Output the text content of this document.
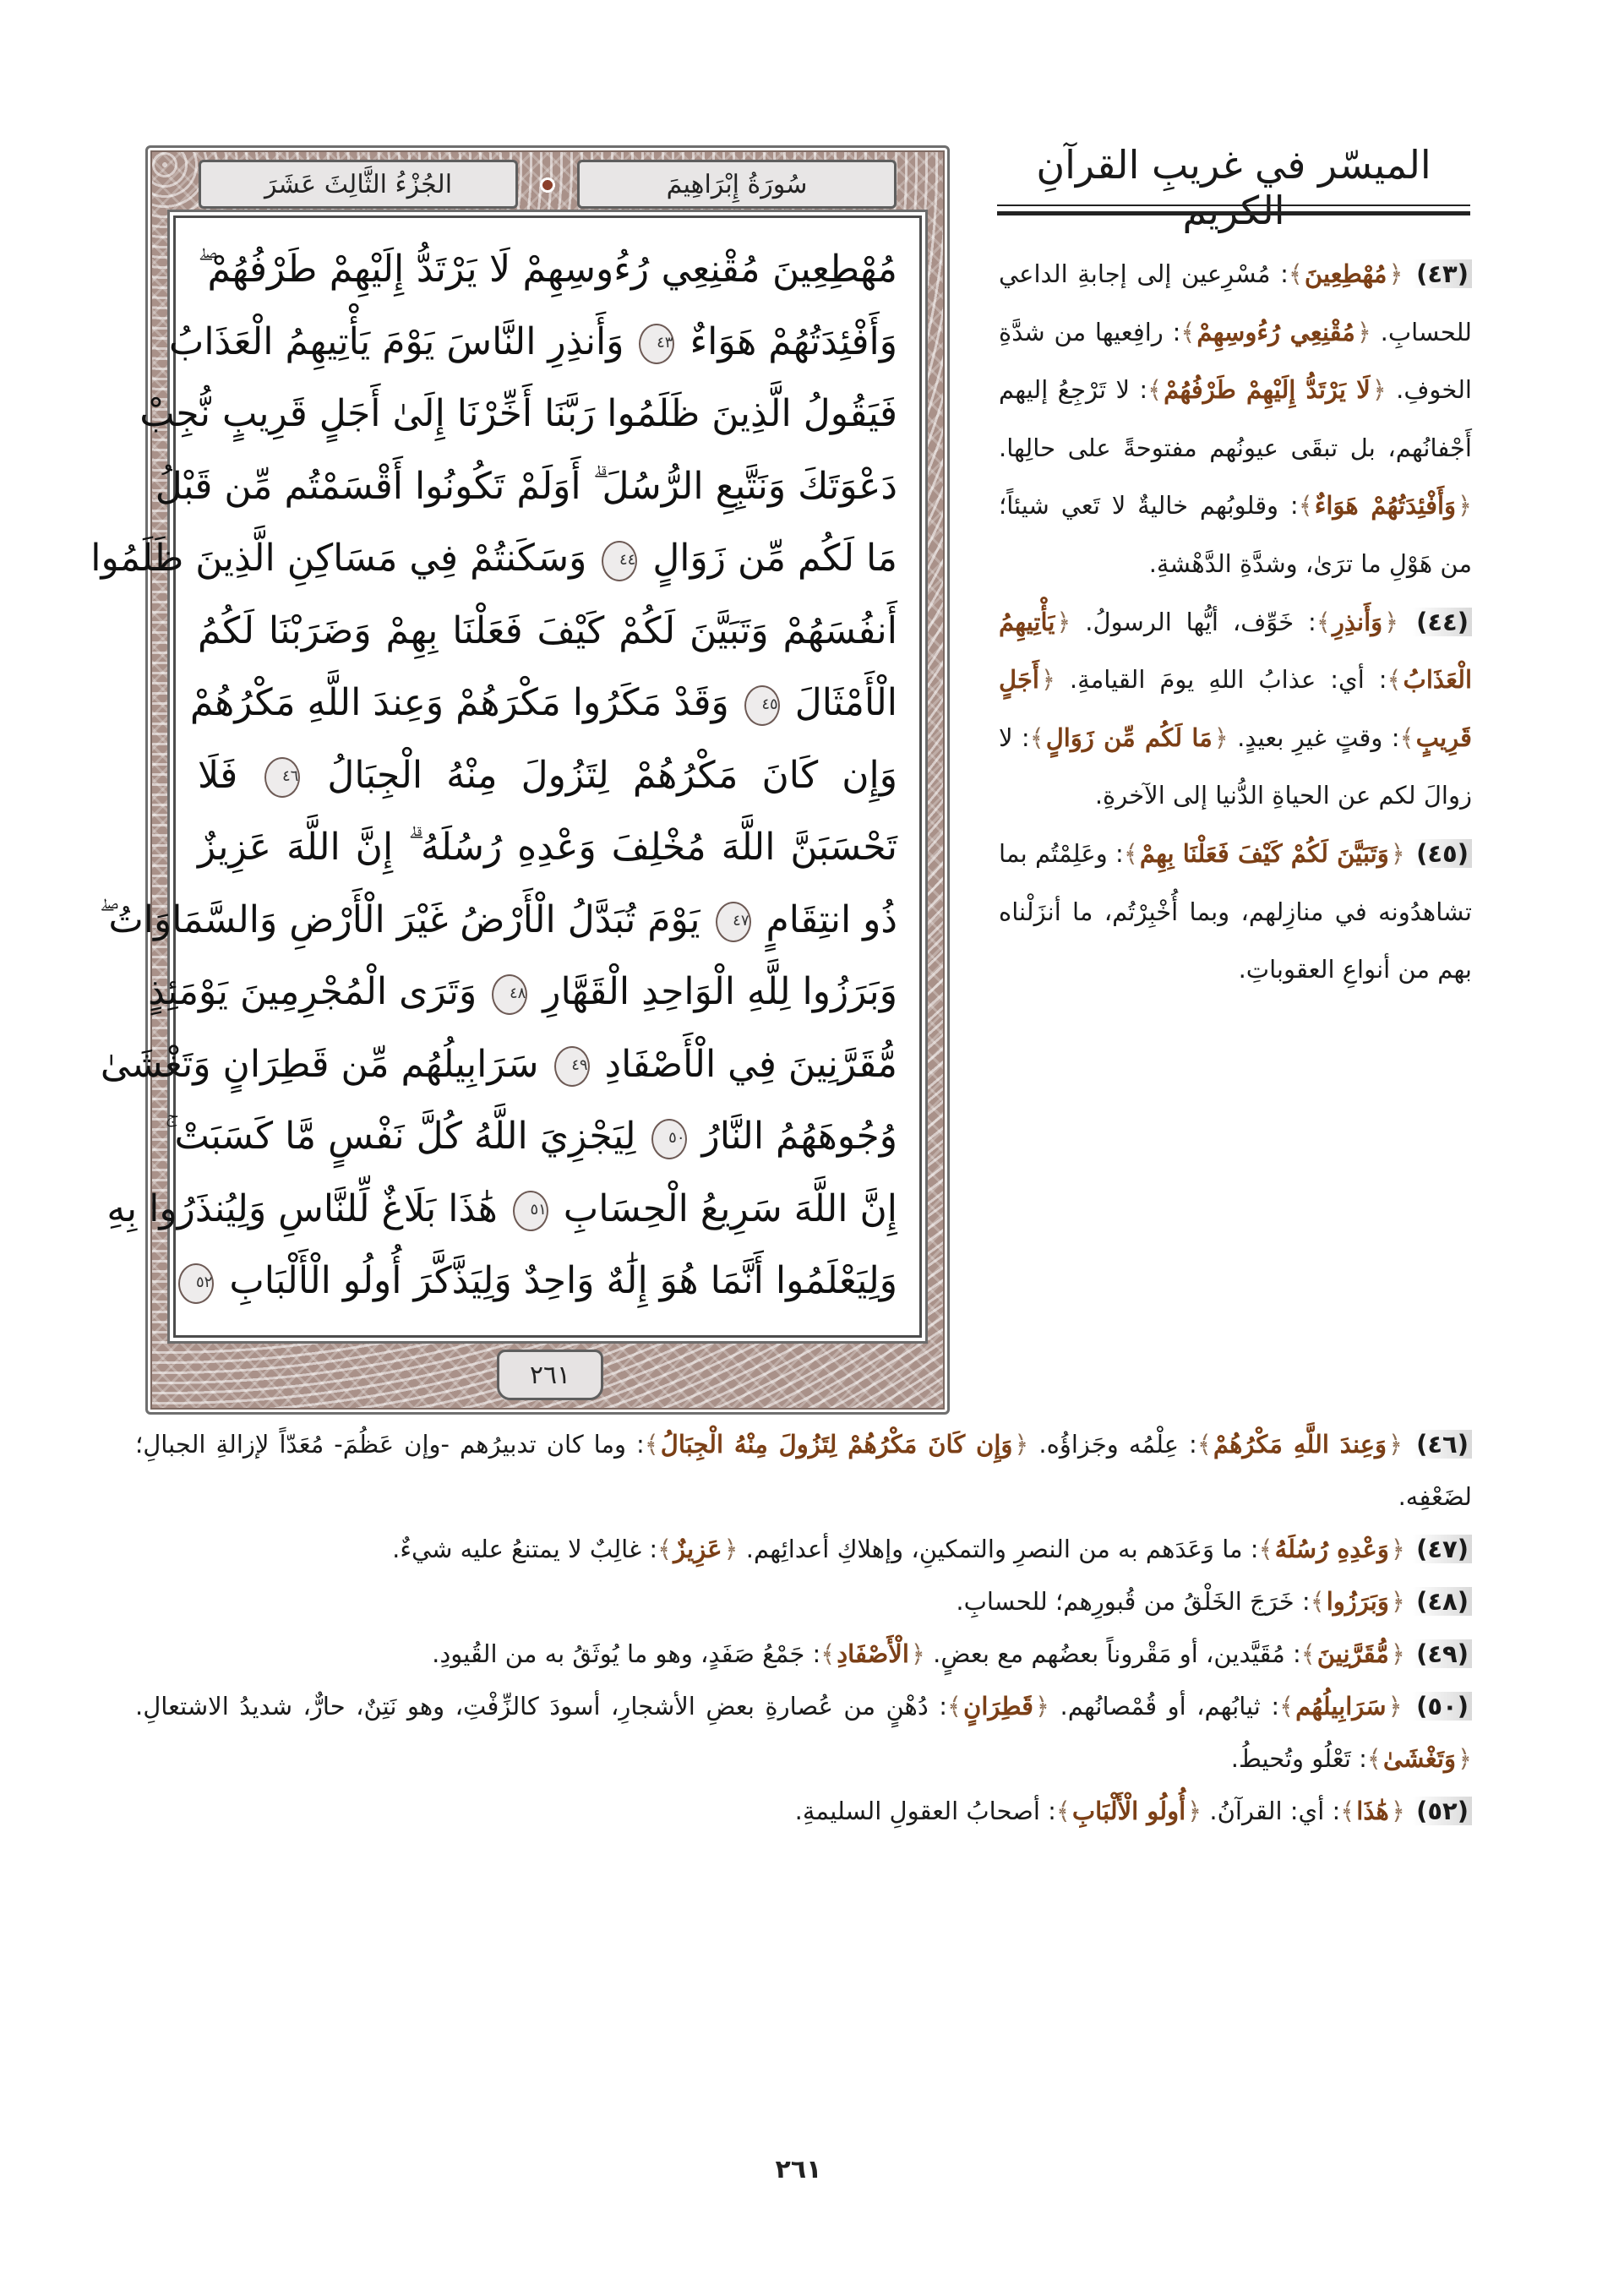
الميسّر في غريبِ القرآنِ الكريم
الجُزْءُ الثَّالِثَ عَشَرَ	سُورَةُ إِبْرَاهِيمَ
مُهْطِعِينَ مُقْنِعِي رُءُوسِهِمْ لَا يَرْتَدُّ إِلَيْهِمْ طَرْفُهُمْ ۖ
وَأَفْئِدَتُهُمْ هَوَاءٌ ٤٣ وَأَنذِرِ النَّاسَ يَوْمَ يَأْتِيهِمُ الْعَذَابُ
فَيَقُولُ الَّذِينَ ظَلَمُوا رَبَّنَا أَخِّرْنَا إِلَىٰ أَجَلٍ قَرِيبٍ نُّجِبْ
دَعْوَتَكَ وَنَتَّبِعِ الرُّسُلَ ۗ أَوَلَمْ تَكُونُوا أَقْسَمْتُم مِّن قَبْلُ
مَا لَكُم مِّن زَوَالٍ ٤٤ وَسَكَنتُمْ فِي مَسَاكِنِ الَّذِينَ ظَلَمُوا
أَنفُسَهُمْ وَتَبَيَّنَ لَكُمْ كَيْفَ فَعَلْنَا بِهِمْ وَضَرَبْنَا لَكُمُ
الْأَمْثَالَ ٤٥ وَقَدْ مَكَرُوا مَكْرَهُمْ وَعِندَ اللَّهِ مَكْرُهُمْ
وَإِن كَانَ مَكْرُهُمْ لِتَزُولَ مِنْهُ الْجِبَالُ ٤٦ فَلَا
تَحْسَبَنَّ اللَّهَ مُخْلِفَ وَعْدِهِ رُسُلَهُ ۗ إِنَّ اللَّهَ عَزِيزٌ
ذُو انتِقَامٍ ٤٧ يَوْمَ تُبَدَّلُ الْأَرْضُ غَيْرَ الْأَرْضِ وَالسَّمَاوَاتُ ۖ
وَبَرَزُوا لِلَّهِ الْوَاحِدِ الْقَهَّارِ ٤٨ وَتَرَى الْمُجْرِمِينَ يَوْمَئِذٍ
مُّقَرَّنِينَ فِي الْأَصْفَادِ ٤٩ سَرَابِيلُهُم مِّن قَطِرَانٍ وَتَغْشَىٰ
وُجُوهَهُمُ النَّارُ ٥٠ لِيَجْزِيَ اللَّهُ كُلَّ نَفْسٍ مَّا كَسَبَتْ ۚ
إِنَّ اللَّهَ سَرِيعُ الْحِسَابِ ٥١ هَٰذَا بَلَاغٌ لِّلنَّاسِ وَلِيُنذَرُوا بِهِ
وَلِيَعْلَمُوا أَنَّمَا هُوَ إِلَٰهٌ وَاحِدٌ وَلِيَذَّكَّرَ أُولُو الْأَلْبَابِ ٥٢
٢٦١

(٤٣) ﴿ مُهْطِعِينَ ﴾: مُسْرِعين إلى إجابةِ الداعي للحسابِ. ﴿ مُقْنِعِي رُءُوسِهِمْ ﴾: رافِعيها من شدَّةِ الخوفِ. ﴿ لَا يَرْتَدُّ إِلَيْهِمْ طَرْفُهُمْ ﴾: لا تَرْجِعُ إليهم أَجْفانُهم، بل تبقَى عيونُهم مفتوحةً على حالِها. ﴿ وَأَفْئِدَتُهُمْ هَوَاءٌ ﴾: وقلوبُهم خاليةٌ لا تَعي شيئاً؛ من هَوْلِ ما ترَىٰ، وشدَّةِ الدَّهْشةِ.

(٤٤) ﴿ وَأَنذِرِ ﴾: خَوِّف، أيُّها الرسولُ. ﴿ يَأْتِيهِمُ الْعَذَابُ ﴾: أي: عذابُ اللهِ يومَ القيامةِ. ﴿ أَجَلٍ قَرِيبٍ ﴾: وقتٍ غيرِ بعيدٍ. ﴿ مَا لَكُم مِّن زَوَالٍ ﴾: لا زوالَ لكم عن الحياةِ الدُّنيا إلى الآخرةِ.

(٤٥) ﴿ وَتَبَيَّنَ لَكُمْ كَيْفَ فَعَلْنَا بِهِمْ ﴾: وعَلِمْتُم بما تشاهدُونه في منازِلهم، وبما أُخْبِرْتُم، ما أنزَلْناه بهم من أنواعِ العقوباتِ.

(٤٦) ﴿ وَعِندَ اللَّهِ مَكْرُهُمْ ﴾: عِلْمُه وجَزاؤُه. ﴿ وَإِن كَانَ مَكْرُهُمْ لِتَزُولَ مِنْهُ الْجِبَالُ ﴾: وما كان تدبيرُهم -وإن عَظُمَ- مُعَدّاً لإزالةِ الجبالِ؛ لضَعْفِه.

(٤٧) ﴿ وَعْدِهِ رُسُلَهُ ﴾: ما وَعَدَهم به من النصرِ والتمكينِ، وإهلاكِ أعدائِهم. ﴿ عَزِيزٌ ﴾: غالِبٌ لا يمتنعُ عليه شيءٌ.

(٤٨) ﴿ وَبَرَزُوا ﴾: خَرَجَ الخَلْقُ من قُبورِهم؛ للحسابِ.

(٤٩) ﴿ مُّقَرَّنِينَ ﴾: مُقَيَّدين، أو مَقْروناً بعضُهم مع بعضٍ. ﴿ الْأَصْفَادِ ﴾: جَمْعُ صَفَدٍ، وهو ما يُوثَقُ به من القُيودِ.

(٥٠) ﴿ سَرَابِيلُهُم ﴾: ثيابُهم، أو قُمْصانُهم. ﴿ قَطِرَانٍ ﴾: دُهْنٍ من عُصارةِ بعضِ الأشجارِ، أسودَ كالزِّفْتِ، وهو نَتِنٌ، حارٌّ، شديدُ الاشتعالِ. ﴿ وَتَغْشَىٰ ﴾: تَعْلُو وتُحيطُ.

(٥٢) ﴿ هَٰذَا ﴾: أي: القرآنُ. ﴿ أُولُو الْأَلْبَابِ ﴾: أصحابُ العقولِ السليمةِ.

٢٦١
